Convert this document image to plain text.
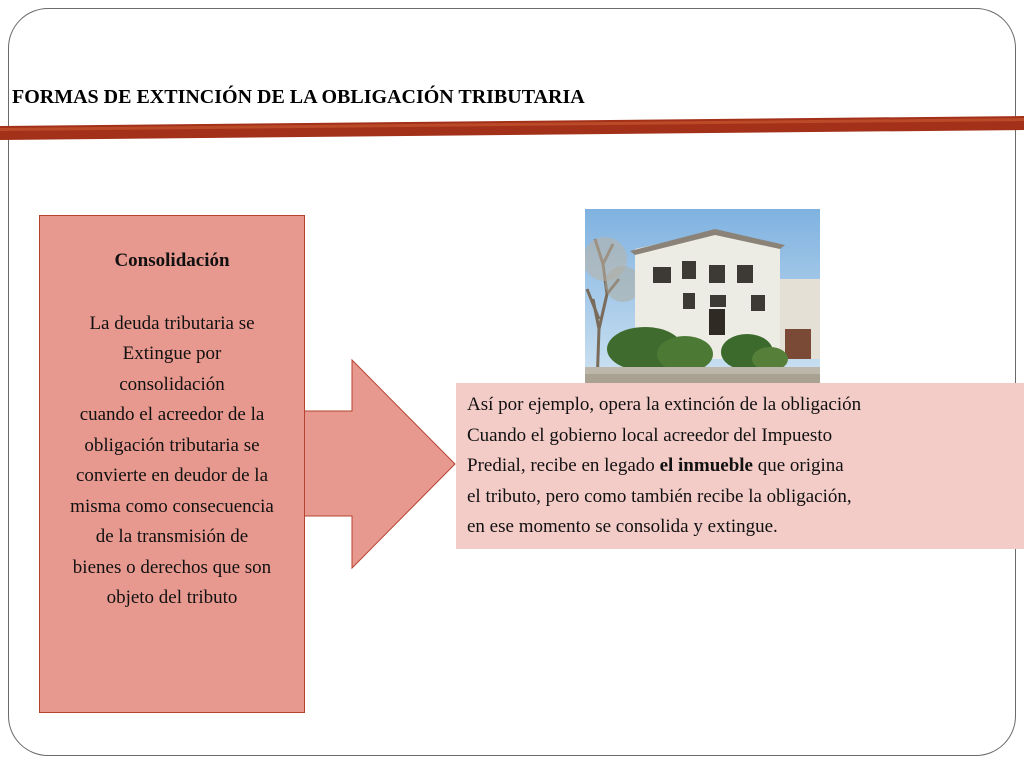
FORMAS DE EXTINCIÓN DE LA OBLIGACIÓN TRIBUTARIA
Consolidación
La deuda tributaria se
Extingue por
consolidación
cuando el acreedor de la
obligación tributaria se
convierte en deudor de la
misma como consecuencia
de la transmisión de
bienes o derechos que son
objeto del tributo
Así por ejemplo, opera la extinción de la obligación
Cuando el gobierno local acreedor del Impuesto
Predial, recibe en legado el inmueble que origina
el tributo, pero como también recibe la obligación,
en ese momento se consolida y extingue.
